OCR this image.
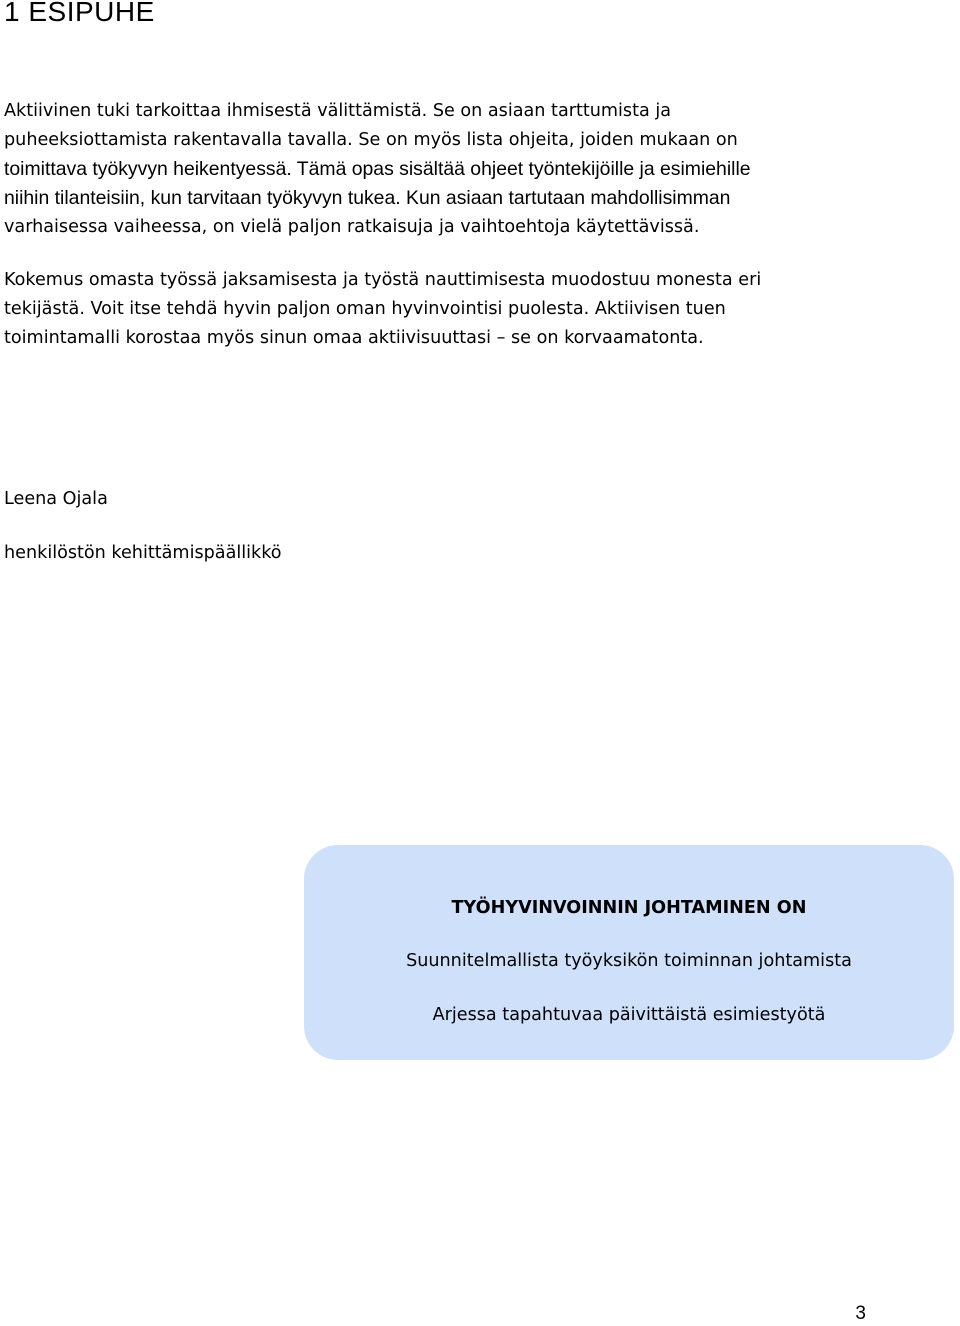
1 ESIPUHE
Aktiivinen tuki tarkoittaa ihmisestä välittämistä. Se on asiaan tarttumista ja
puheeksiottamista rakentavalla tavalla. Se on myös lista ohjeita, joiden mukaan on
toimittava työkyvyn heikentyessä. Tämä opas sisältää ohjeet työntekijöille ja esimiehille
niihin tilanteisiin, kun tarvitaan työkyvyn tukea. Kun asiaan tartutaan mahdollisimman
varhaisessa vaiheessa, on vielä paljon ratkaisuja ja vaihtoehtoja käytettävissä.
Kokemus omasta työssä jaksamisesta ja työstä nauttimisesta muodostuu monesta eri
tekijästä. Voit itse tehdä hyvin paljon oman hyvinvointisi puolesta. Aktiivisen tuen
toimintamalli korostaa myös sinun omaa aktiivisuuttasi – se on korvaamatonta.

Leena Ojala

henkilöstön kehittämispäällikkö

TYÖHYVINVOINNIN JOHTAMINEN ON

Suunnitelmallista työyksikön toiminnan johtamista

Arjessa tapahtuvaa päivittäistä esimiestyötä

3
